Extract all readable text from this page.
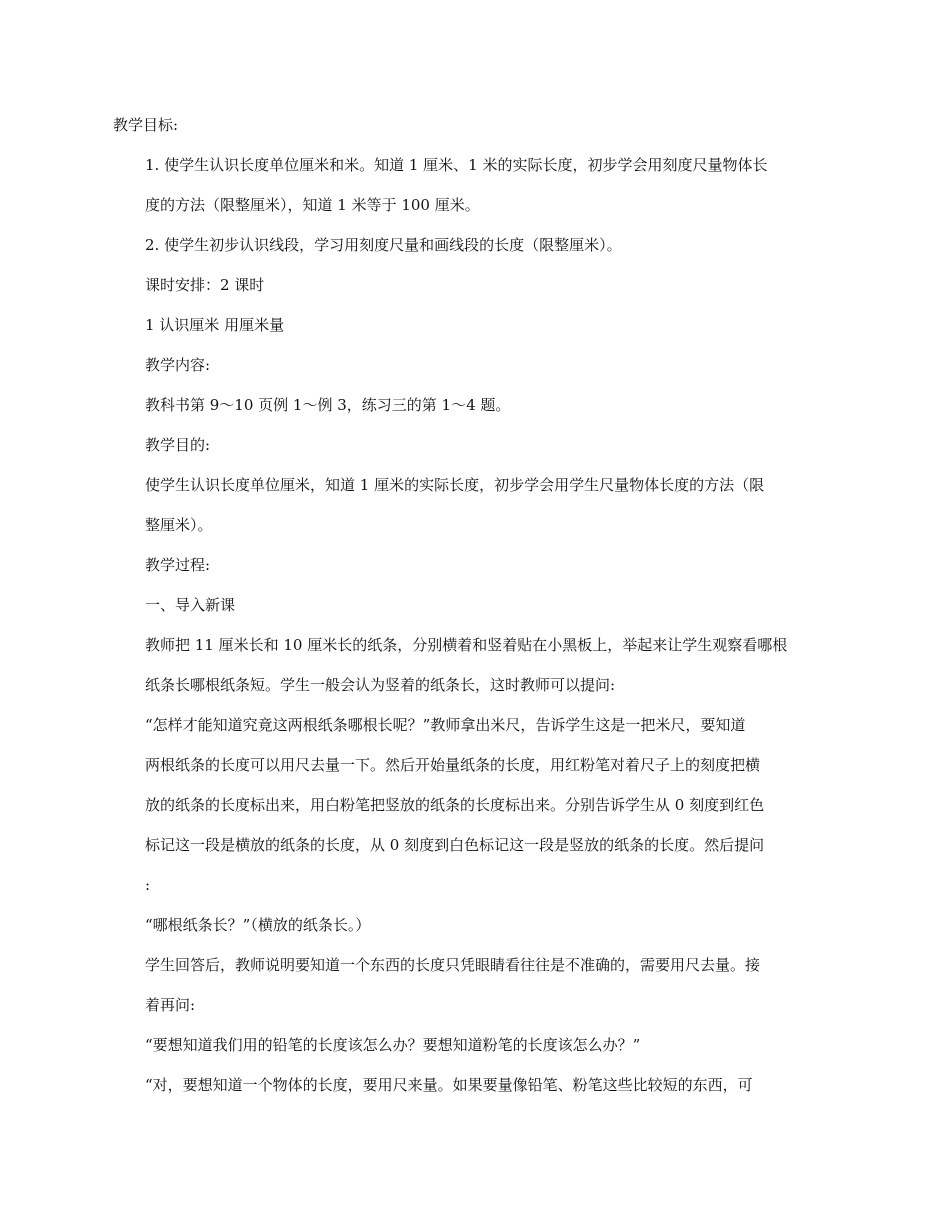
教学目标:
1. 使学生认识长度单位厘米和米。知道 1 厘米、1 米的实际长度，初步学会用刻度尺量物体长
度的方法（限整厘米），知道 1 米等于 100 厘米。
2. 使学生初步认识线段，学习用刻度尺量和画线段的长度（限整厘米）。
课时安排：2 课时
1 认识厘米 用厘米量
教学内容:
教科书第 9～10 页例 1～例 3，练习三的第 1～4 题。
教学目的:
使学生认识长度单位厘米，知道 1 厘米的实际长度，初步学会用学生尺量物体长度的方法（限
整厘米）。
教学过程:
一、导入新课
教师把 11 厘米长和 10 厘米长的纸条，分别横着和竖着贴在小黑板上，举起来让学生观察看哪根
纸条长哪根纸条短。学生一般会认为竖着的纸条长，这时教师可以提问:
“怎样才能知道究竟这两根纸条哪根长呢？”教师拿出米尺，告诉学生这是一把米尺，要知道
两根纸条的长度可以用尺去量一下。然后开始量纸条的长度，用红粉笔对着尺子上的刻度把横
放的纸条的长度标出来，用白粉笔把竖放的纸条的长度标出来。分别告诉学生从 0 刻度到红色
标记这一段是横放的纸条的长度，从 0 刻度到白色标记这一段是竖放的纸条的长度。然后提问
:
“哪根纸条长？”（横放的纸条长。）
学生回答后，教师说明要知道一个东西的长度只凭眼睛看往往是不准确的，需要用尺去量。接
着再问:
“要想知道我们用的铅笔的长度该怎么办？要想知道粉笔的长度该怎么办？”
“对，要想知道一个物体的长度，要用尺来量。如果要量像铅笔、粉笔这些比较短的东西，可
